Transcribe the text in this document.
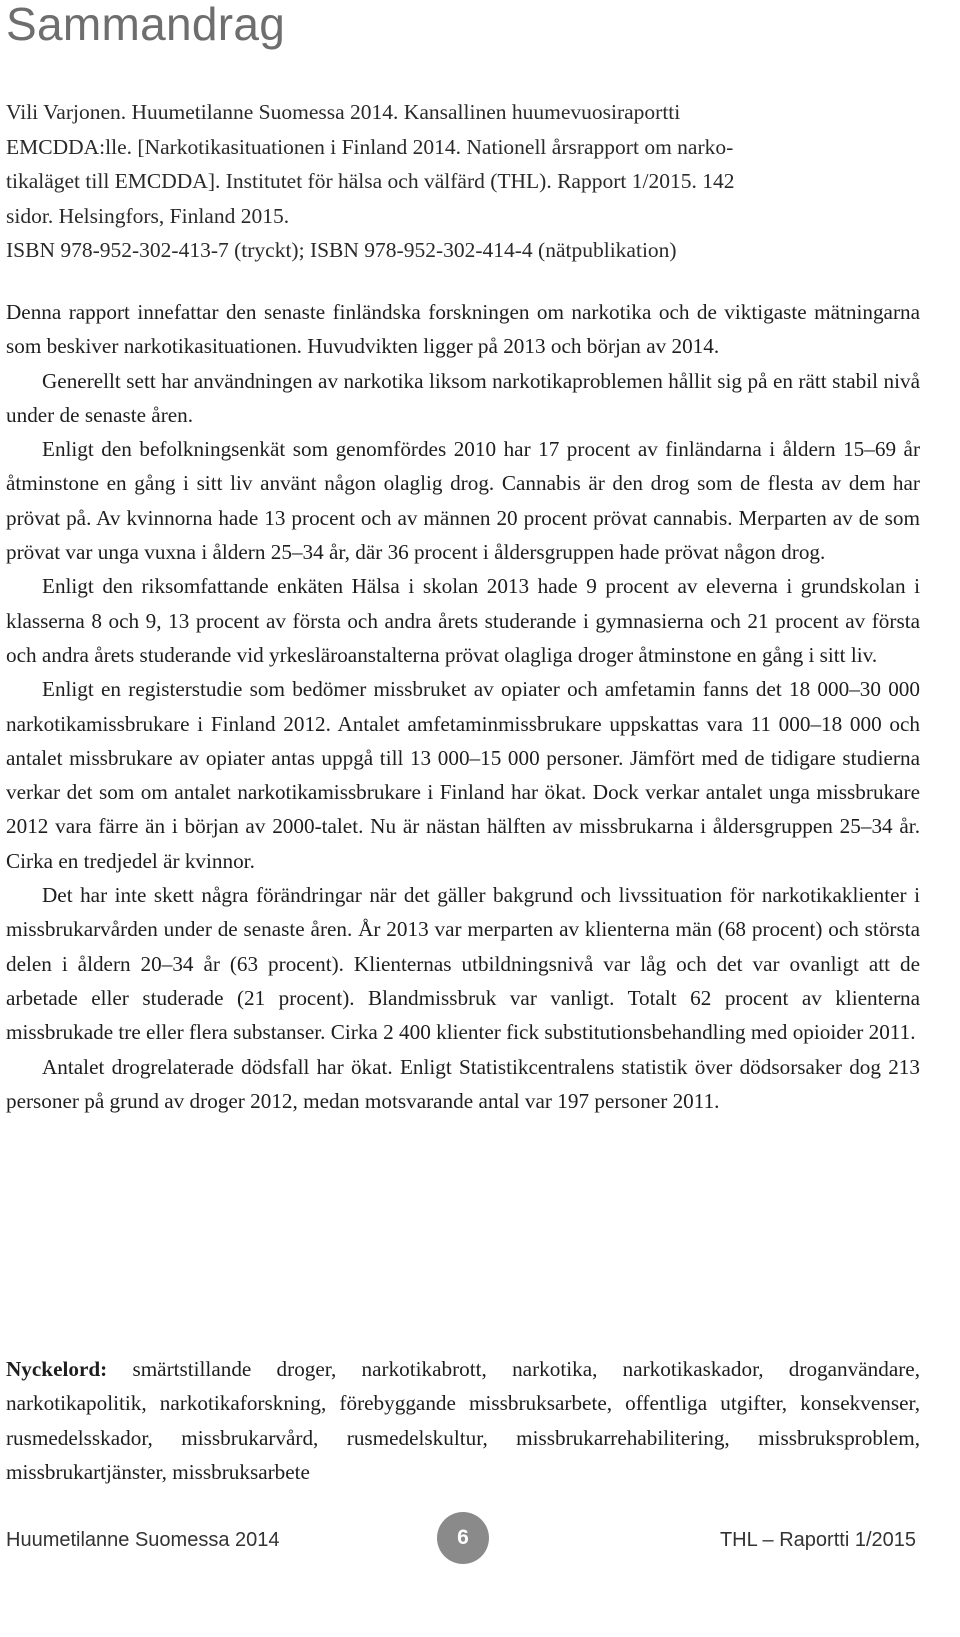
Sammandrag

Vili Varjonen. Huumetilanne Suomessa 2014. Kansallinen huumevuosiraportti
EMCDDA:lle. [Narkotikasituationen i Finland 2014. Nationell årsrapport om narko-
tikaläget till EMCDDA]. Institutet för hälsa och välfärd (THL). Rapport 1/2015. 142
sidor. Helsingfors, Finland 2015.
ISBN 978-952-302-413-7 (tryckt); ISBN 978-952-302-414-4 (nätpublikation)

Denna rapport innefattar den senaste finländska forskningen om narkotika och de viktigaste mätningarna som beskiver narkotikasituationen. Huvudvikten ligger på 2013 och början av 2014.

Generellt sett har användningen av narkotika liksom narkotikaproblemen hållit sig på en rätt stabil nivå under de senaste åren.

Enligt den befolkningsenkät som genomfördes 2010 har 17 procent av finländarna i åldern 15–69 år åtminstone en gång i sitt liv använt någon olaglig drog. Cannabis är den drog som de flesta av dem har prövat på. Av kvinnorna hade 13 procent och av männen 20 procent prövat cannabis. Merparten av de som prövat var unga vuxna i åldern 25–34 år, där 36 procent i åldersgruppen hade prövat någon drog.

Enligt den riksomfattande enkäten Hälsa i skolan 2013 hade 9 procent av eleverna i grundskolan i klasserna 8 och 9, 13 procent av första och andra årets studerande i gymnasierna och 21 procent av första och andra årets studerande vid yrkesläroanstalterna prövat olagliga droger åtminstone en gång i sitt liv.

Enligt en registerstudie som bedömer missbruket av opiater och amfetamin fanns det 18 000–30 000 narkotikamissbrukare i Finland 2012. Antalet amfetaminmissbrukare uppskattas vara 11 000–18 000 och antalet missbrukare av opiater antas uppgå till 13 000–15 000 personer. Jämfört med de tidigare studierna verkar det som om antalet narkotikamissbrukare i Finland har ökat. Dock verkar antalet unga missbrukare 2012 vara färre än i början av 2000-talet. Nu är nästan hälften av missbrukarna i åldersgruppen 25–34 år. Cirka en tredjedel är kvinnor.

Det har inte skett några förändringar när det gäller bakgrund och livssituation för narkotikaklienter i missbrukarvården under de senaste åren. År 2013 var merparten av klienterna män (68 procent) och största delen i åldern 20–34 år (63 procent). Klienternas utbildningsnivå var låg och det var ovanligt att de arbetade eller studerade (21 procent). Blandmissbruk var vanligt. Totalt 62 procent av klienterna missbrukade tre eller flera substanser. Cirka 2 400 klienter fick substitutionsbehandling med opioider 2011.

Antalet drogrelaterade dödsfall har ökat. Enligt Statistikcentralens statistik över dödsorsaker dog 213 personer på grund av droger 2012, medan motsvarande antal var 197 personer 2011.

Nyckelord: smärtstillande droger, narkotikabrott, narkotika, narkotikaskador, droganvändare, narkotikapolitik, narkotikaforskning, förebyggande missbruksarbete, offentliga utgifter, konsekvenser, rusmedelsskador, missbrukarvård, rusmedelskultur, missbrukarrehabilitering, missbruksproblem, missbrukartjänster, missbruksarbete

Huumetilanne Suomessa 2014	6	THL – Raportti 1/2015
